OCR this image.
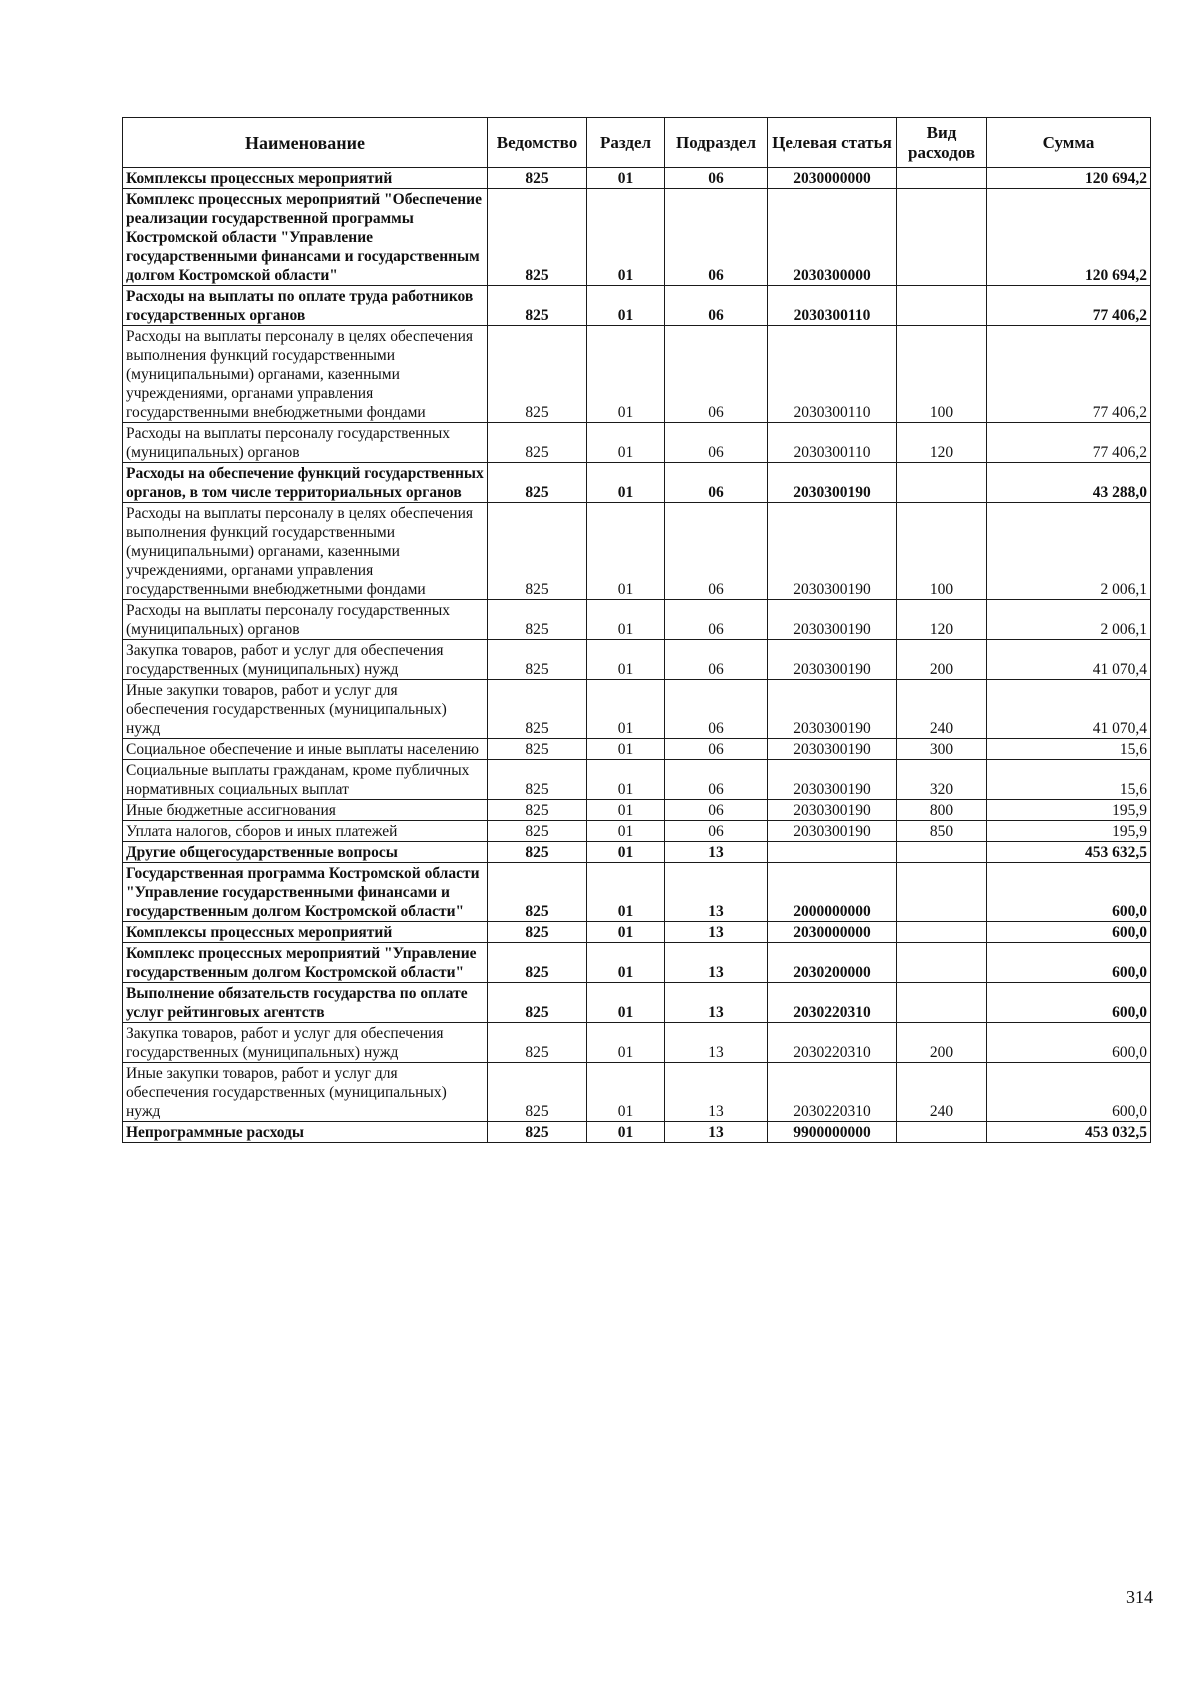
Наименование	Ведомство	Раздел	Подраздел	Целевая статья	Вид расходов	Сумма
Комплексы процессных мероприятий	825	01	06	2030000000		120 694,2
Комплекс процессных мероприятий "Обеспечение реализации государственной программы Костромской области "Управление государственными финансами и государственным долгом Костромской области"	825	01	06	2030300000		120 694,2
Расходы на выплаты по оплате труда работников государственных органов	825	01	06	2030300110		77 406,2
Расходы на выплаты персоналу в целях обеспечения выполнения функций государственными (муниципальными) органами, казенными учреждениями, органами управления государственными внебюджетными фондами	825	01	06	2030300110	100	77 406,2
Расходы на выплаты персоналу государственных (муниципальных) органов	825	01	06	2030300110	120	77 406,2
Расходы на обеспечение функций государственных органов, в том числе территориальных органов	825	01	06	2030300190		43 288,0
Расходы на выплаты персоналу в целях обеспечения выполнения функций государственными (муниципальными) органами, казенными учреждениями, органами управления государственными внебюджетными фондами	825	01	06	2030300190	100	2 006,1
Расходы на выплаты персоналу государственных (муниципальных) органов	825	01	06	2030300190	120	2 006,1
Закупка товаров, работ и услуг для обеспечения государственных (муниципальных) нужд	825	01	06	2030300190	200	41 070,4
Иные закупки товаров, работ и услуг для обеспечения государственных (муниципальных) нужд	825	01	06	2030300190	240	41 070,4
Социальное обеспечение и иные выплаты населению	825	01	06	2030300190	300	15,6
Социальные выплаты гражданам, кроме публичных нормативных социальных выплат	825	01	06	2030300190	320	15,6
Иные бюджетные ассигнования	825	01	06	2030300190	800	195,9
Уплата налогов, сборов и иных платежей	825	01	06	2030300190	850	195,9
Другие общегосударственные вопросы	825	01	13			453 632,5
Государственная программа Костромской области "Управление государственными финансами и государственным долгом Костромской области"	825	01	13	2000000000		600,0
Комплексы процессных мероприятий	825	01	13	2030000000		600,0
Комплекс процессных мероприятий "Управление государственным долгом Костромской области"	825	01	13	2030200000		600,0
Выполнение обязательств государства по оплате услуг рейтинговых агентств	825	01	13	2030220310		600,0
Закупка товаров, работ и услуг для обеспечения государственных (муниципальных) нужд	825	01	13	2030220310	200	600,0
Иные закупки товаров, работ и услуг для обеспечения государственных (муниципальных) нужд	825	01	13	2030220310	240	600,0
Непрограммные расходы	825	01	13	9900000000		453 032,5
314
